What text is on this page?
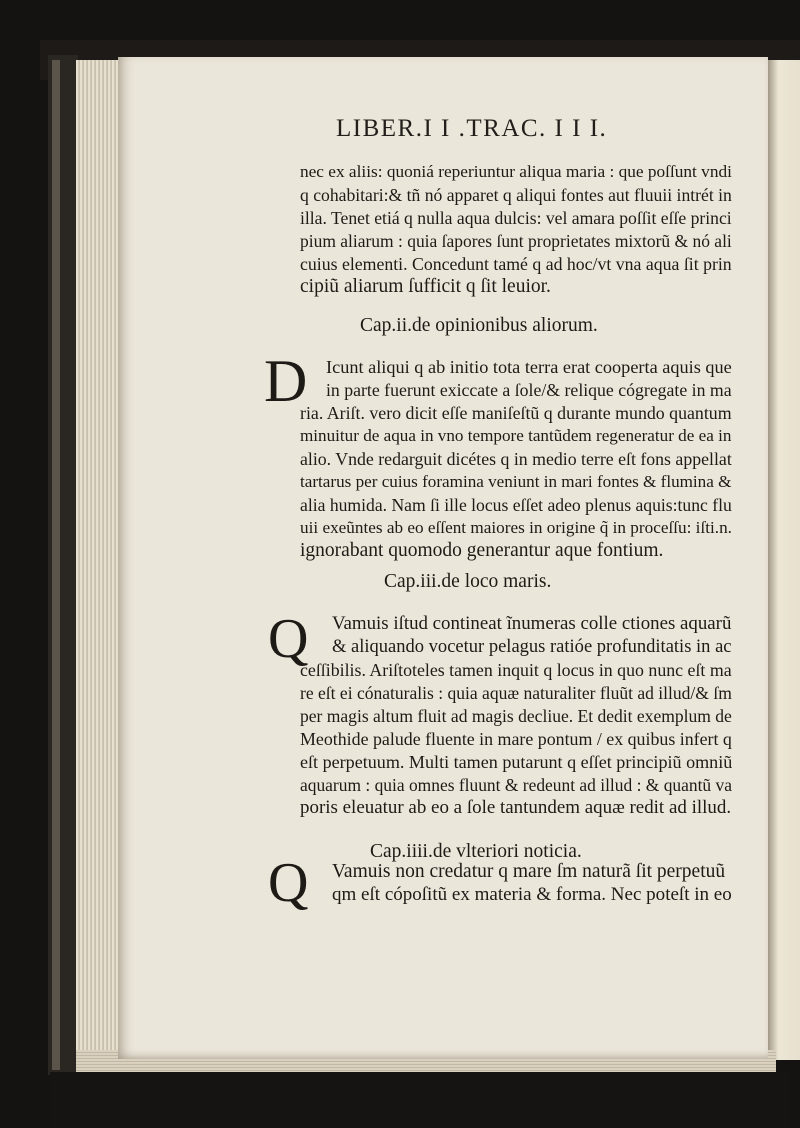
LIBER.I I .TRAC. I I I.
nec ex aliis: quoniá reperiuntur aliqua maria : que poſſunt vndi
q cohabitari:& tñ nó apparet q aliqui fontes aut fluuii intrét in
illa. Tenet etiá q nulla aqua dulcis: vel amara poſſit eſſe princi
pium aliarum : quia ſapores ſunt proprietates mixtorũ & nó ali
cuius elementi. Concedunt tamé q ad hoc/vt vna aqua ſit prin
cipiũ aliarum ſufficit q ſit leuior.
Cap.ii.de opinionibus aliorum.
D Icunt aliqui q ab initio tota terra erat cooperta aquis que
in parte fuerunt exiccate a ſole/& relique cógregate in ma
ria. Ariſt. vero dicit eſſe maniſeſtũ q durante mundo quantum
minuitur de aqua in vno tempore tantũdem regeneratur de ea in
alio. Vnde redarguit dicétes q in medio terre eſt fons appellat
tartarus per cuius foramina veniunt in mari fontes & flumina &
alia humida. Nam ſi ille locus eſſet adeo plenus aquis:tunc flu
uii exeũntes ab eo eſſent maiores in origine q̃ in proceſſu: iſti.n.
ignorabant quomodo generantur aque fontium.
Cap.iii.de loco maris.
Q Vamuis iſtud contineat ĩnumeras colle ctiones aquarũ
& aliquando vocetur pelagus ratióe profunditatis in ac
ceſſibilis. Ariſtoteles tamen inquit q locus in quo nunc eſt ma
re eſt ei cónaturalis : quia aquæ naturaliter fluũt ad illud/& ſm
per magis altum fluit ad magis decliue. Et dedit exemplum de
Meothide palude fluente in mare pontum / ex quibus infert q
eſt perpetuum. Multi tamen putarunt q eſſet principiũ omniũ
aquarum : quia omnes fluunt & redeunt ad illud : & quantũ va
poris eleuatur ab eo a ſole tantundem aquæ redit ad illud.
Cap.iiii.de vlteriori noticia.
Q Vamuis non credatur q mare ſm naturã ſit perpetuũ
qm eſt cópoſitũ ex materia & forma. Nec poteſt in eo
